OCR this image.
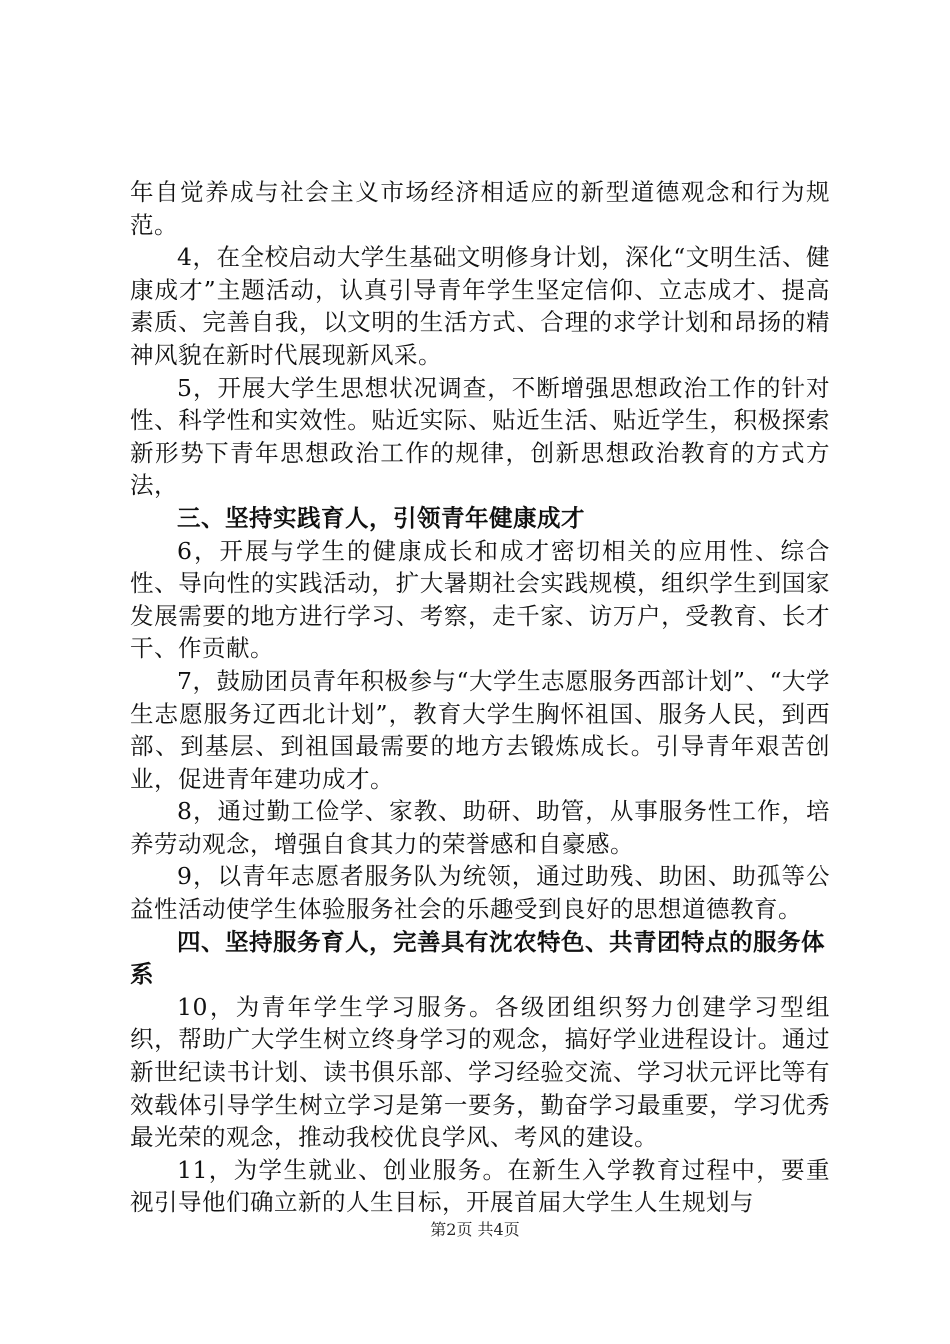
年自觉养成与社会主义市场经济相适应的新型道德观念和行为规范。

4，在全校启动大学生基础文明修身计划，深化“文明生活、健康成才”主题活动，认真引导青年学生坚定信仰、立志成才、提高素质、完善自我，以文明的生活方式、合理的求学计划和昂扬的精神风貌在新时代展现新风采。

5，开展大学生思想状况调查，不断增强思想政治工作的针对性、科学性和实效性。贴近实际、贴近生活、贴近学生，积极探索新形势下青年思想政治工作的规律，创新思想政治教育的方式方法，

三、坚持实践育人，引领青年健康成才

6，开展与学生的健康成长和成才密切相关的应用性、综合性、导向性的实践活动，扩大暑期社会实践规模，组织学生到国家发展需要的地方进行学习、考察，走千家、访万户，受教育、长才干、作贡献。

7，鼓励团员青年积极参与“大学生志愿服务西部计划”、“大学生志愿服务辽西北计划”，教育大学生胸怀祖国、服务人民，到西部、到基层、到祖国最需要的地方去锻炼成长。引导青年艰苦创业，促进青年建功成才。

8，通过勤工俭学、家教、助研、助管，从事服务性工作，培养劳动观念，增强自食其力的荣誉感和自豪感。

9，以青年志愿者服务队为统领，通过助残、助困、助孤等公益性活动使学生体验服务社会的乐趣受到良好的思想道德教育。

四、坚持服务育人，完善具有沈农特色、共青团特点的服务体系

10，为青年学生学习服务。各级团组织努力创建学习型组织，帮助广大学生树立终身学习的观念，搞好学业进程设计。通过新世纪读书计划、读书俱乐部、学习经验交流、学习状元评比等有效载体引导学生树立学习是第一要务，勤奋学习最重要，学习优秀最光荣的观念，推动我校优良学风、考风的建设。

11，为学生就业、创业服务。在新生入学教育过程中，要重视引导他们确立新的人生目标，开展首届大学生人生规划与

第2页 共4页
